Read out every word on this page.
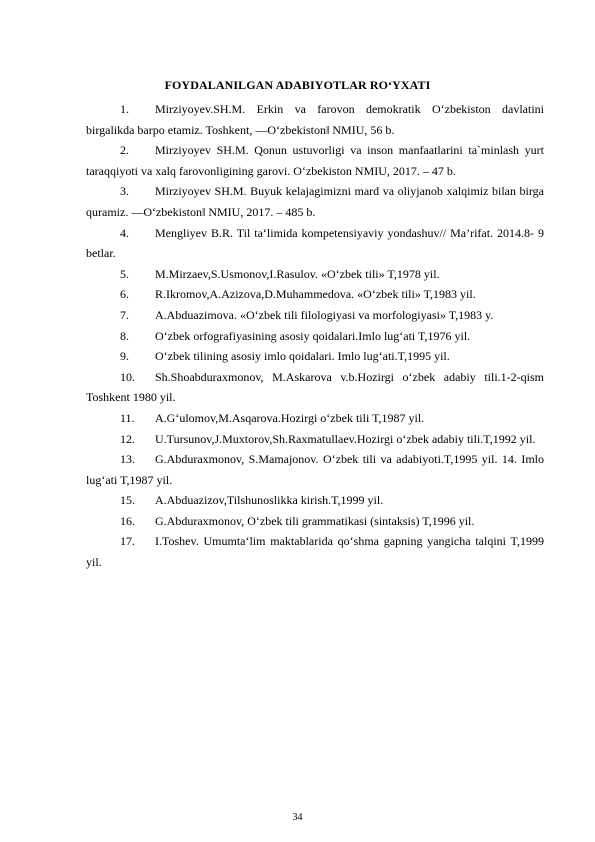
FOYDALANILGAN ADABIYOTLAR RO‘YXATI
1. Mirziyoyev.SH.M. Erkin va farovon demokratik O‘zbekiston davlatini birgalikda barpo etamiz. Toshkent, ―O‘zbekiston‖ NMIU, 56 b.
2. Mirziyoyev SH.M. Qonun ustuvorligi va inson manfaatlarini ta`minlash yurt taraqqiyoti va xalq farovonligining garovi. O‘zbekiston NMIU, 2017. – 47 b.
3. Mirziyoyev SH.M. Buyuk kelajagimizni mard va oliyjanob xalqimiz bilan birga quramiz. ―O‘zbekiston‖ NMIU, 2017. – 485 b.
4. Mengliyev B.R. Til ta‘limida kompetensiyaviy yondashuv// Ma’rifat. 2014.8- 9 betlar.
5. M.Mirzaev,S.Usmonov,I.Rasulov. «O‘zbek tili» T,1978 yil.
6. R.Ikromov,A.Azizova,D.Muhammedova. «O‘zbek tili» T,1983 yil.
7. A.Abduazimova. «O‘zbek tili filologiyasi va morfologiyasi» T,1983 y.
8. O‘zbek orfografiyasining asosiy qoidalari.Imlo lug‘ati T,1976 yil.
9. O‘zbek tilining asosiy imlo qoidalari. Imlo lug‘ati.T,1995 yil.
10. Sh.Shoabduraxmonov, M.Askarova v.b.Hozirgi o‘zbek adabiy tili.1-2-qism Toshkent 1980 yil.
11. A.G‘ulomov,M.Asqarova.Hozirgi o‘zbek tili T,1987 yil.
12. U.Tursunov,J.Muxtorov,Sh.Raxmatullaev.Hozirgi o‘zbek adabiy tili.T,1992 yil.
13. G.Abduraxmonov, S.Mamajonov. O‘zbek tili va adabiyoti.T,1995 yil. 14. Imlo lug‘ati T,1987 yil.
15. A.Abduazizov,Tilshunoslikka kirish.T,1999 yil.
16. G.Abduraxmonov, O‘zbek tili grammatikasi (sintaksis) T,1996 yil.
17. I.Toshev. Umumta‘lim maktablarida qo‘shma gapning yangicha talqini T,1999 yil.
34
